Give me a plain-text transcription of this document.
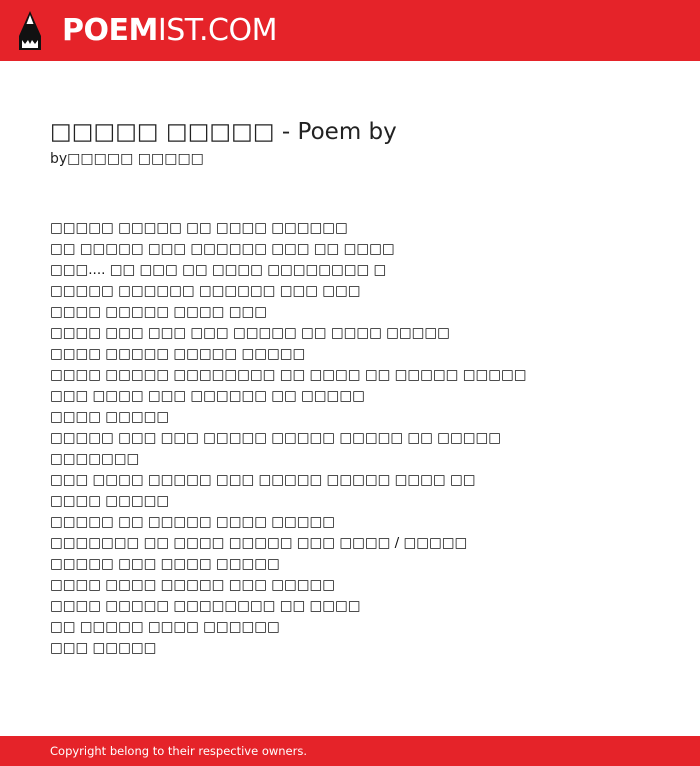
POEMIST.COM
□□□□□ □□□□□ - Poem by
by□□□□□ □□□□□
□□□□□ □□□□□ □□ □□□□ □□□□□□
□□ □□□□□ □□□ □□□□□□ □□□ □□ □□□□
□□□.... □□ □□□ □□ □□□□ □□□□□□□□ □
□□□□□ □□□□□□ □□□□□□ □□□ □□□
□□□□ □□□□□ □□□□ □□□
□□□□ □□□ □□□ □□□ □□□□□ □□ □□□□ □□□□□
□□□□ □□□□□ □□□□□ □□□□□
□□□□ □□□□□ □□□□□□□□ □□ □□□□ □□ □□□□□ □□□□□
□□□ □□□□ □□□ □□□□□□ □□ □□□□□
□□□□ □□□□□
□□□□□ □□□ □□□ □□□□□ □□□□□ □□□□□ □□ □□□□□
□□□□□□□
□□□ □□□□ □□□□□ □□□ □□□□□ □□□□□ □□□□ □□
□□□□ □□□□□
□□□□□ □□ □□□□□ □□□□ □□□□□
□□□□□□□ □□ □□□□ □□□□□ □□□ □□□□ / □□□□□
□□□□□ □□□ □□□□ □□□□□
□□□□ □□□□ □□□□□ □□□ □□□□□
□□□□ □□□□□ □□□□□□□□ □□ □□□□
□□ □□□□□ □□□□ □□□□□□
□□□ □□□□□
Copyright belong to their respective owners.
